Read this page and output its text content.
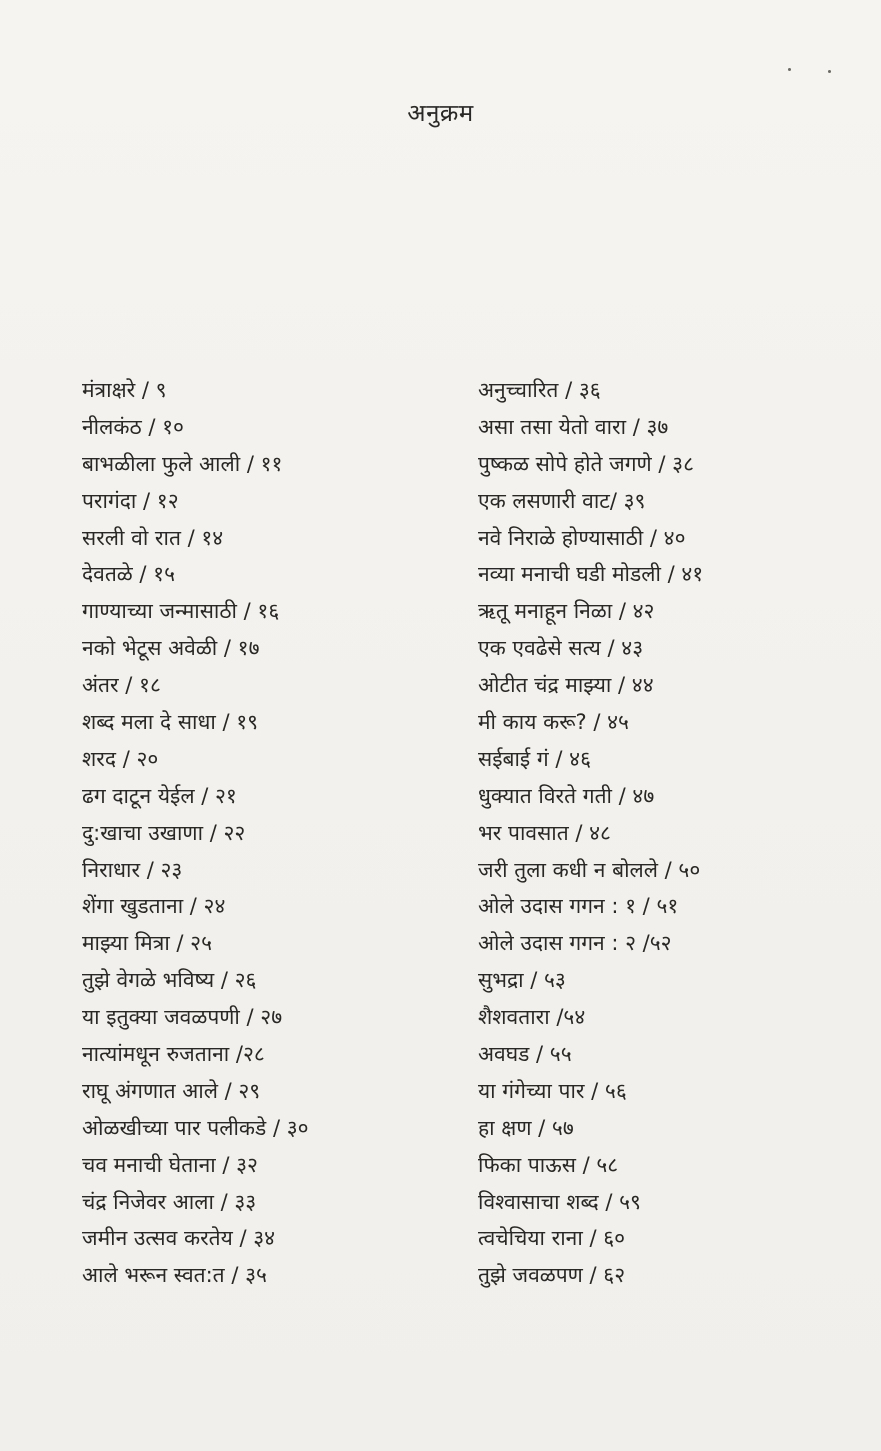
अनुक्रम
मंत्राक्षरे / ९
नीलकंठ / १०
बाभळीला फुले आली / ११
परागंदा / १२
सरली वो रात / १४
देवतळे / १५
गाण्याच्या जन्मासाठी / १६
नको भेटूस अवेळी / १७
अंतर / १८
शब्द मला दे साधा / १९
शरद / २०
ढग दाटून येईल / २१
दु:खाचा उखाणा / २२
निराधार / २३
शेंगा खुडताना / २४
माझ्या मित्रा / २५
तुझे वेगळे भविष्य / २६
या इतुक्या जवळपणी / २७
नात्यांमधून रुजताना /२८
राघू अंगणात आले / २९
ओळखीच्या पार पलीकडे / ३०
चव मनाची घेताना / ३२
चंद्र निजेवर आला / ३३
जमीन उत्सव करतेय / ३४
आले भरून स्वत:त / ३५
अनुच्चारित / ३६
असा तसा येतो वारा / ३७
पुष्कळ सोपे होते जगणे / ३८
एक लसणारी वाट/ ३९
नवे निराळे होण्यासाठी / ४०
नव्या मनाची घडी मोडली / ४१
ऋतू मनाहून निळा / ४२
एक एवढेसे सत्य / ४३
ओटीत चंद्र माझ्या / ४४
मी काय करू? / ४५
सईबाई गं / ४६
धुक्यात विरते गती / ४७
भर पावसात / ४८
जरी तुला कधी न बोलले / ५०
ओले उदास गगन : १ / ५१
ओले उदास गगन : २ /५२
सुभद्रा / ५३
शैशवतारा /५४
अवघड / ५५
या गंगेच्या पार / ५६
हा क्षण / ५७
फिका पाऊस / ५८
विश्वासाचा शब्द / ५९
त्वचेचिया राना / ६०
तुझे जवळपण / ६२
